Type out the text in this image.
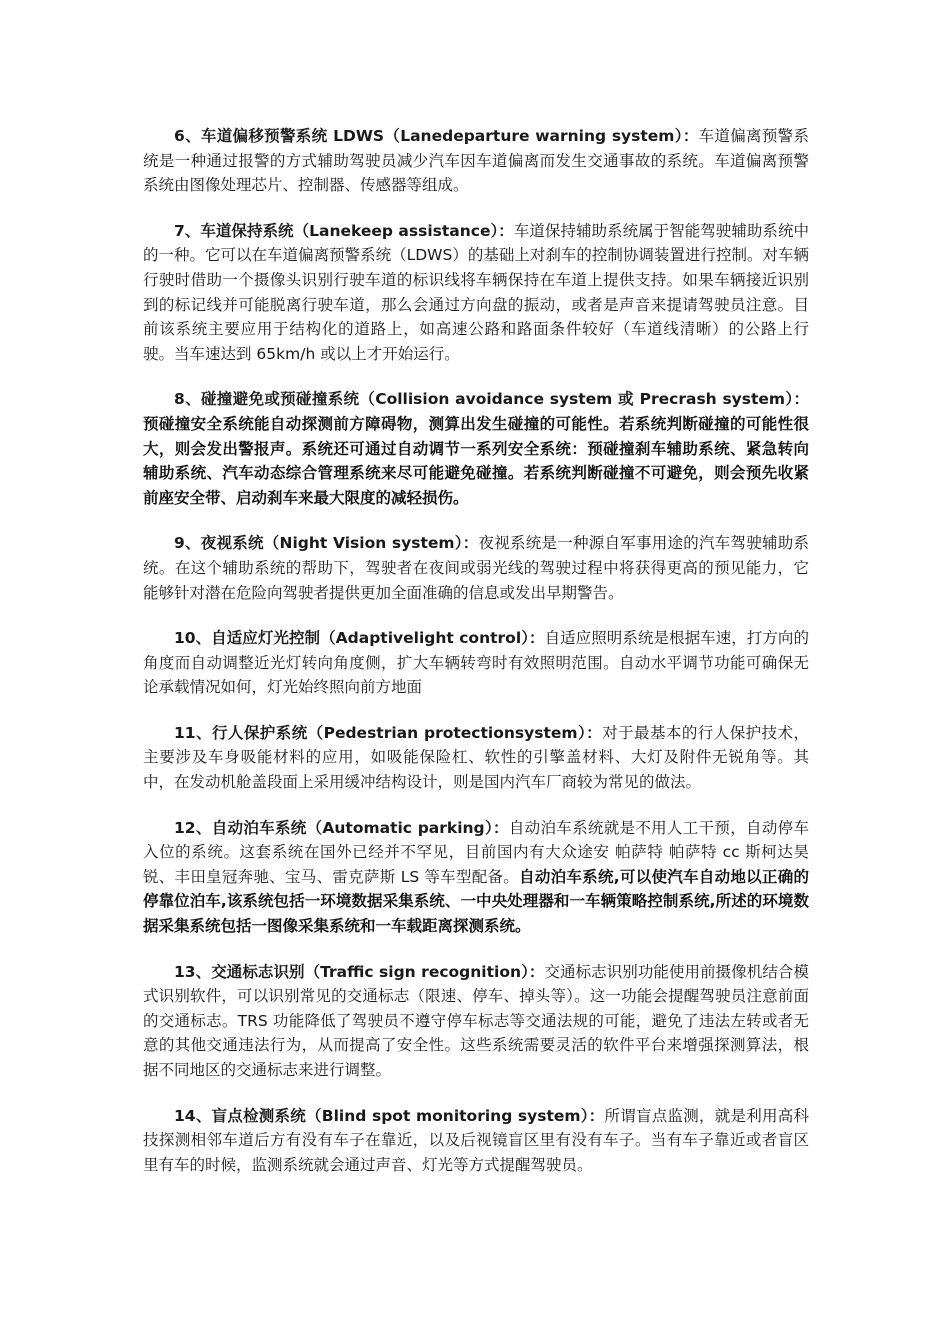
6、车道偏移预警系统 LDWS（Lanedeparture warning system）：车道偏离预警系统是一种通过报警的方式辅助驾驶员减少汽车因车道偏离而发生交通事故的系统。车道偏离预警系统由图像处理芯片、控制器、传感器等组成。

7、车道保持系统（Lanekeep assistance）：车道保持辅助系统属于智能驾驶辅助系统中的一种。它可以在车道偏离预警系统（LDWS）的基础上对刹车的控制协调装置进行控制。对车辆行驶时借助一个摄像头识别行驶车道的标识线将车辆保持在车道上提供支持。如果车辆接近识别到的标记线并可能脱离行驶车道，那么会通过方向盘的振动，或者是声音来提请驾驶员注意。目前该系统主要应用于结构化的道路上，如高速公路和路面条件较好（车道线清晰）的公路上行驶。当车速达到 65km/h 或以上才开始运行。

8、碰撞避免或预碰撞系统（Collision avoidance system 或 Precrash system）：预碰撞安全系统能自动探测前方障碍物，测算出发生碰撞的可能性。若系统判断碰撞的可能性很大，则会发出警报声。系统还可通过自动调节一系列安全系统：预碰撞刹车辅助系统、紧急转向辅助系统、汽车动态综合管理系统来尽可能避免碰撞。若系统判断碰撞不可避免，则会预先收紧前座安全带、启动刹车来最大限度的减轻损伤。

9、夜视系统（Night Vision system）：夜视系统是一种源自军事用途的汽车驾驶辅助系统。在这个辅助系统的帮助下，驾驶者在夜间或弱光线的驾驶过程中将获得更高的预见能力，它能够针对潜在危险向驾驶者提供更加全面准确的信息或发出早期警告。

10、自适应灯光控制（Adaptivelight control）：自适应照明系统是根据车速，打方向的角度而自动调整近光灯转向角度侧，扩大车辆转弯时有效照明范围。自动水平调节功能可确保无论承载情况如何，灯光始终照向前方地面

11、行人保护系统（Pedestrian protectionsystem）：对于最基本的行人保护技术，主要涉及车身吸能材料的应用，如吸能保险杠、软性的引擎盖材料、大灯及附件无锐角等。其中，在发动机舱盖段面上采用缓冲结构设计，则是国内汽车厂商较为常见的做法。

12、自动泊车系统（Automatic parking）：自动泊车系统就是不用人工干预，自动停车入位的系统。这套系统在国外已经并不罕见，目前国内有大众途安 帕萨特 帕萨特 cc 斯柯达昊锐、丰田皇冠奔驰、宝马、雷克萨斯 LS 等车型配备。自动泊车系统,可以使汽车自动地以正确的停靠位泊车,该系统包括一环境数据采集系统、一中央处理器和一车辆策略控制系统,所述的环境数据采集系统包括一图像采集系统和一车载距离探测系统。

13、交通标志识别（Traffic sign recognition）：交通标志识别功能使用前摄像机结合模式识别软件，可以识别常见的交通标志（限速、停车、掉头等）。这一功能会提醒驾驶员注意前面的交通标志。TRS 功能降低了驾驶员不遵守停车标志等交通法规的可能，避免了违法左转或者无意的其他交通违法行为，从而提高了安全性。这些系统需要灵活的软件平台来增强探测算法，根据不同地区的交通标志来进行调整。

14、盲点检测系统（Blind spot monitoring system）：所谓盲点监测，就是利用高科技探测相邻车道后方有没有车子在靠近，以及后视镜盲区里有没有车子。当有车子靠近或者盲区里有车的时候，监测系统就会通过声音、灯光等方式提醒驾驶员。
